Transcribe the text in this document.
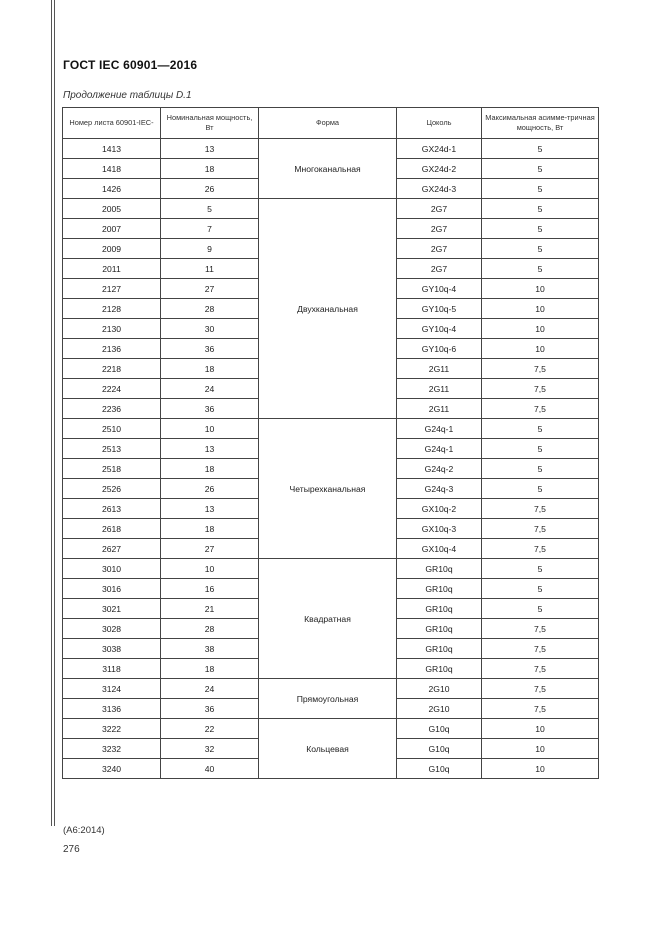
ГОСТ IEC 60901—2016
Продолжение таблицы D.1
Номер листа 60901-IEC-	Номинальная мощность, Вт	Форма	Цоколь	Максимальная асимме-тричная мощность, Вт
1413	13	Многоканальная	GX24d-1	5
1418	18		GX24d-2	5
1426	26		GX24d-3	5
2005	5	Двухканальная	2G7	5
2007	7		2G7	5
2009	9		2G7	5
2011	11		2G7	5
2127	27		GY10q-4	10
2128	28		GY10q-5	10
2130	30		GY10q-4	10
2136	36		GY10q-6	10
2218	18		2G11	7,5
2224	24		2G11	7,5
2236	36		2G11	7,5
2510	10	Четырехканальная	G24q-1	5
2513	13		G24q-1	5
2518	18		G24q-2	5
2526	26		G24q-3	5
2613	13		GX10q-2	7,5
2618	18		GX10q-3	7,5
2627	27		GX10q-4	7,5
3010	10	Квадратная	GR10q	5
3016	16		GR10q	5
3021	21		GR10q	5
3028	28		GR10q	7,5
3038	38		GR10q	7,5
3118	18		GR10q	7,5
3124	24	Прямоугольная	2G10	7,5
3136	36		2G10	7,5
3222	22	Кольцевая	G10q	10
3232	32		G10q	10
3240	40		G10q	10
(А6:2014)
276
